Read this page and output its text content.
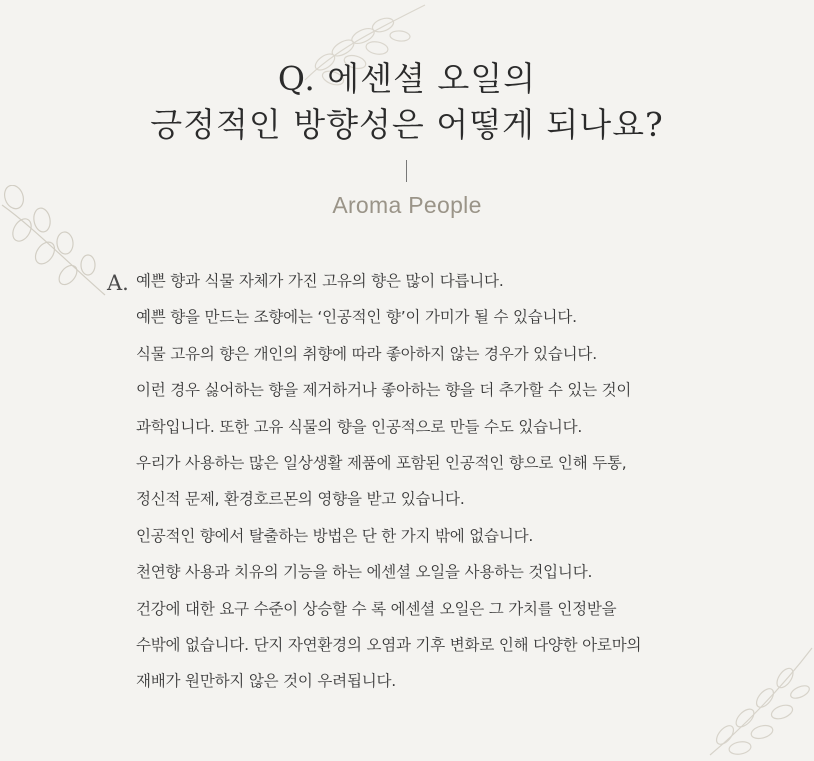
Q. 에센셜 오일의
긍정적인 방향성은 어떻게 되나요?
Aroma People
A. 예쁜 향과 식물 자체가 가진 고유의 향은 많이 다릅니다.
예쁜 향을 만드는 조향에는 ‘인공적인 향’이 가미가 될 수 있습니다.
식물 고유의 향은 개인의 취향에 따라 좋아하지 않는 경우가 있습니다.
이런 경우 싫어하는 향을 제거하거나 좋아하는 향을 더 추가할 수 있는 것이
과학입니다. 또한 고유 식물의 향을 인공적으로 만들 수도 있습니다.
우리가 사용하는 많은 일상생활 제품에 포함된 인공적인 향으로 인해 두통,
정신적 문제, 환경호르몬의 영향을 받고 있습니다.
인공적인 향에서 탈출하는 방법은 단 한 가지 밖에 없습니다.
천연향 사용과 치유의 기능을 하는 에센셜 오일을 사용하는 것입니다.
건강에 대한 요구 수준이 상승할 수 록 에센셜 오일은 그 가치를 인정받을
수밖에 없습니다. 단지 자연환경의 오염과 기후 변화로 인해 다양한 아로마의
재배가 원만하지 않은 것이 우려됩니다.
